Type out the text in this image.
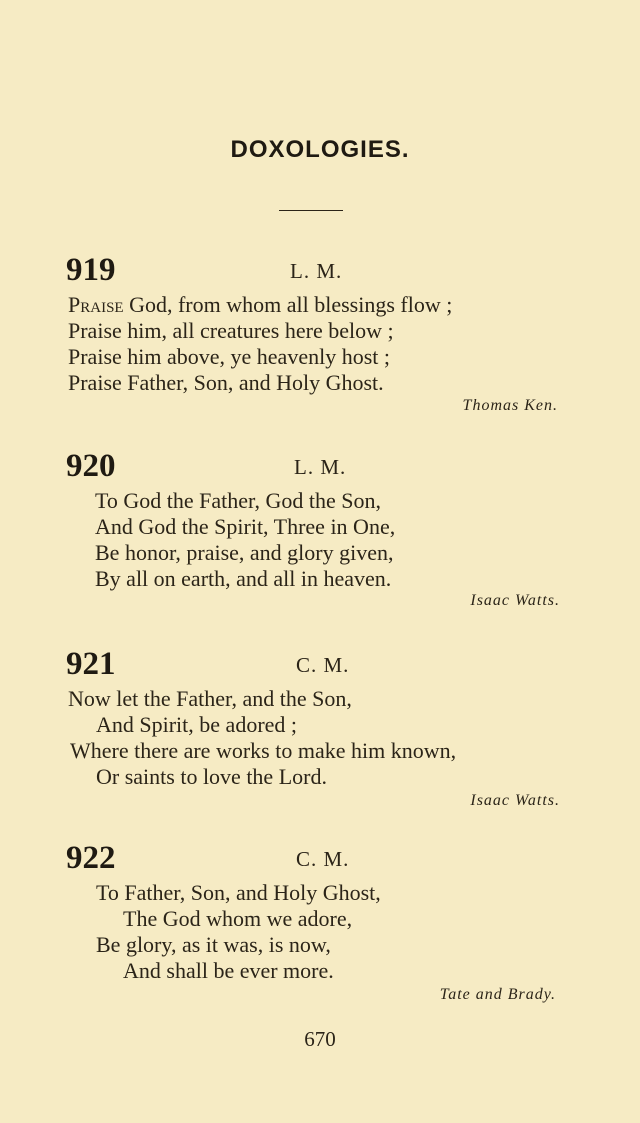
DOXOLOGIES.
919	L. M.
Praise God, from whom all blessings flow ;
Praise him, all creatures here below ;
Praise him above, ye heavenly host ;
Praise Father, Son, and Holy Ghost.
Thomas Ken.
920	L. M.
To God the Father, God the Son,
And God the Spirit, Three in One,
Be honor, praise, and glory given,
By all on earth, and all in heaven.
Isaac Watts.
921	C. M.
Now let the Father, and the Son,
And Spirit, be adored ;
Where there are works to make him known,
Or saints to love the Lord.
Isaac Watts.
922	C. M.
To Father, Son, and Holy Ghost,
The God whom we adore,
Be glory, as it was, is now,
And shall be ever more.
Tate and Brady.
670
